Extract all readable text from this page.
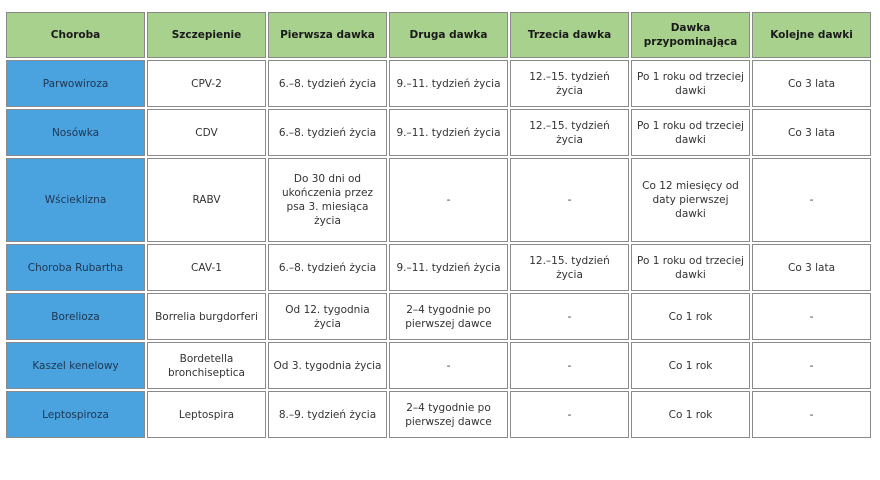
Choroba	Szczepienie	Pierwsza dawka	Druga dawka	Trzecia dawka	Dawka przypominająca	Kolejne dawki
Parwowiroza	CPV-2	6.–8. tydzień życia	9.–11. tydzień życia	12.–15. tydzień życia	Po 1 roku od trzeciej dawki	Co 3 lata
Nosówka	CDV	6.–8. tydzień życia	9.–11. tydzień życia	12.–15. tydzień życia	Po 1 roku od trzeciej dawki	Co 3 lata
Wścieklizna	RABV	Do 30 dni od ukończenia przez psa 3. miesiąca życia	-	-	Co 12 miesięcy od daty pierwszej dawki	-
Choroba Rubartha	CAV-1	6.–8. tydzień życia	9.–11. tydzień życia	12.–15. tydzień życia	Po 1 roku od trzeciej dawki	Co 3 lata
Borelioza	Borrelia burgdorferi	Od 12. tygodnia życia	2–4 tygodnie po pierwszej dawce	-	Co 1 rok	-
Kaszel kenelowy	Bordetella bronchiseptica	Od 3. tygodnia życia	-	-	Co 1 rok	-
Leptospiroza	Leptospira	8.–9. tydzień życia	2–4 tygodnie po pierwszej dawce	-	Co 1 rok	-
